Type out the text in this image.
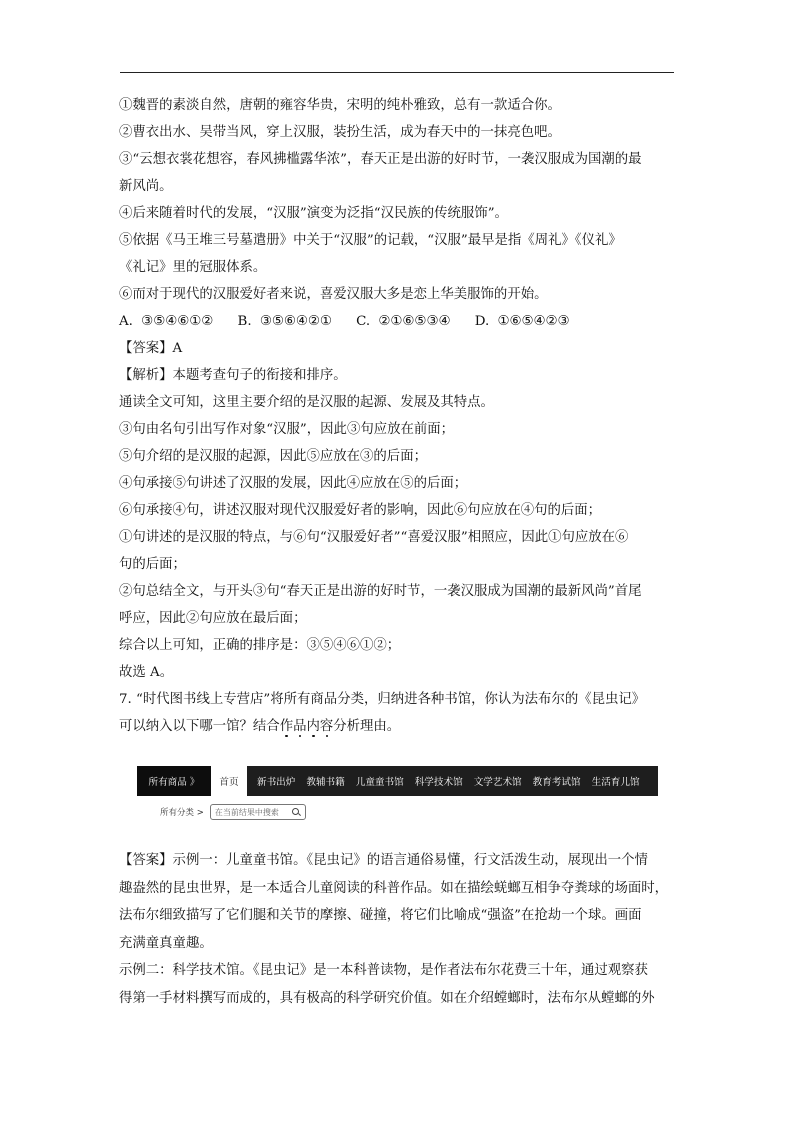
①魏晋的素淡自然，唐朝的雍容华贵，宋明的纯朴雅致，总有一款适合你。
②曹衣出水、吴带当风，穿上汉服，装扮生活，成为春天中的一抹亮色吧。
③“云想衣裳花想容，春风拂槛露华浓”，春天正是出游的好时节，一袭汉服成为国潮的最
新风尚。
④后来随着时代的发展，“汉服”演变为泛指“汉民族的传统服饰”。
⑤依据《马王堆三号墓遣册》中关于“汉服”的记载，“汉服”最早是指《周礼》《仪礼》
《礼记》里的冠服体系。
⑥而对于现代的汉服爱好者来说，喜爱汉服大多是恋上华美服饰的开始。
A. ③⑤④⑥①② B. ③⑤⑥④②① C. ②①⑥⑤③④ D. ①⑥⑤④②③
【答案】A
【解析】本题考查句子的衔接和排序。
通读全文可知，这里主要介绍的是汉服的起源、发展及其特点。
③句由名句引出写作对象“汉服”，因此③句应放在前面；
⑤句介绍的是汉服的起源，因此⑤应放在③的后面；
④句承接⑤句讲述了汉服的发展，因此④应放在⑤的后面；
⑥句承接④句，讲述汉服对现代汉服爱好者的影响，因此⑥句应放在④句的后面；
①句讲述的是汉服的特点，与⑥句“汉服爱好者”“喜爱汉服”相照应，因此①句应放在⑥
句的后面；
②句总结全文，与开头③句“春天正是出游的好时节，一袭汉服成为国潮的最新风尚”首尾
呼应，因此②句应放在最后面；
综合以上可知，正确的排序是：③⑤④⑥①②；
故选 A。
7. “时代图书线上专营店”将所有商品分类，归纳进各种书馆，你认为法布尔的《昆虫记》
可以纳入以下哪一馆？结合作品内容分析理由。
所有商品 》	首页	新书出炉 教辅书籍 儿童童书馆 科学技术馆 文学艺术馆 教育考试馆 生活育儿馆
所有分类 > 在当前结果中搜索
【答案】示例一：儿童童书馆。《昆虫记》的语言通俗易懂，行文活泼生动，展现出一个情
趣盎然的昆虫世界，是一本适合儿童阅读的科普作品。如在描绘蜣螂互相争夺粪球的场面时，
法布尔细致描写了它们腿和关节的摩擦、碰撞，将它们比喻成“强盗”在抢劫一个球。画面
充满童真童趣。
示例二：科学技术馆。《昆虫记》是一本科普读物，是作者法布尔花费三十年，通过观察获
得第一手材料撰写而成的，具有极高的科学研究价值。如在介绍螳螂时，法布尔从螳螂的外
